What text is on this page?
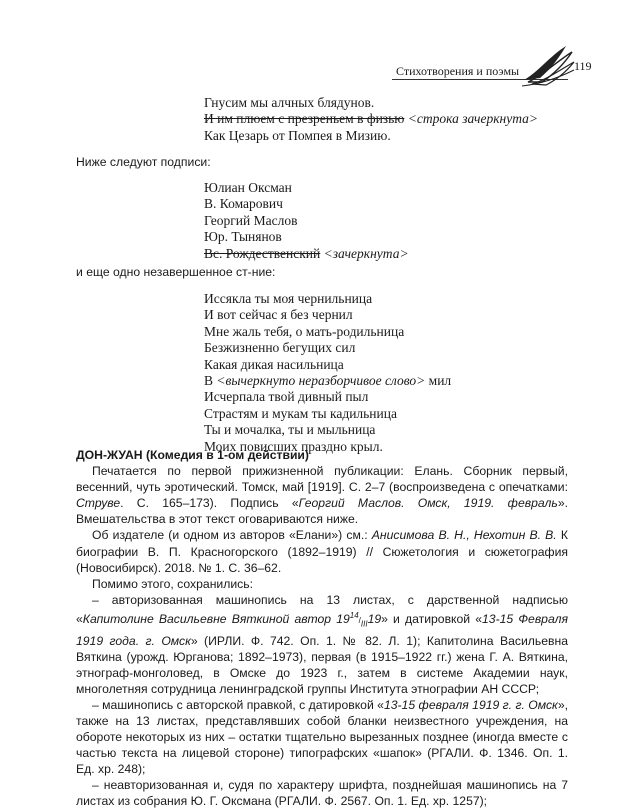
Стихотворения и поэмы	119
Гнусим мы алчных блядунов.
И им плюем с презреньем в физью <строка зачеркнута>
Как Цезарь от Помпея в Мизию.
Ниже следуют подписи:
Юлиан Оксман
В. Комарович
Георгий Маслов
Юр. Тынянов
Вс. Рождественский <зачеркнута>
и еще одно незавершенное ст-ние:
Иссякла ты моя чернильница
И вот сейчас я без чернил
Мне жаль тебя, о мать-родильница
Безжизненно бегущих сил
Какая дикая насильница
В <вычеркнуто неразборчивое слово> мил
Исчерпала твой дивный пыл
Страстям и мукам ты кадильница
Ты и мочалка, ты и мыльница
Моих повисших праздно крыл.

ДОН-ЖУАН (Комедия в 1-ом действии)

Печатается по первой прижизненной публикации: Елань. Сборник первый, весенний, чуть эротический. Томск, май [1919]. С. 2–7 (воспроизведена с опечатками: Струве. С. 165–173). Подпись «Георгий Маслов. Омск, 1919. февраль». Вмешательства в этот текст оговариваются ниже.

Об издателе (и одном из авторов «Елани») см.: Анисимова В. Н., Нехотин В. В. К биографии В. П. Красногорского (1892–1919) // Сюжетология и сюжетография (Новосибирск). 2018. № 1. С. 36–62.

Помимо этого, сохранились:

– авторизованная машинопись на 13 листах, с дарственной надписью «Капитолине Васильевне Вяткиной автор $19^{14}/_{III}19$» и датировкой «13-15 Февраля 1919 года. г. Омск» (ИРЛИ. Ф. 742. Оп. 1. № 82. Л. 1); Капитолина Васильевна Вяткина (урожд. Юрганова; 1892–1973), первая (в 1915–1922 гг.) жена Г. А. Вяткина, этнограф-монголовед, в Омске до 1923 г., затем в системе Академии наук, многолетняя сотрудница ленинградской группы Института этнографии АН СССР;

– машинопись с авторской правкой, с датировкой «13-15 февраля 1919 г. г. Омск», также на 13 листах, представлявших собой бланки неизвестного учреждения, на обороте некоторых из них – остатки тщательно вырезанных позднее (иногда вместе с частью текста на лицевой стороне) типографских «шапок» (РГАЛИ. Ф. 1346. Оп. 1. Ед. хр. 248);

– неавторизованная и, судя по характеру шрифта, позднейшая машинопись на 7 листах из собрания Ю. Г. Оксмана (РГАЛИ. Ф. 2567. Оп. 1. Ед. хр. 1257);
